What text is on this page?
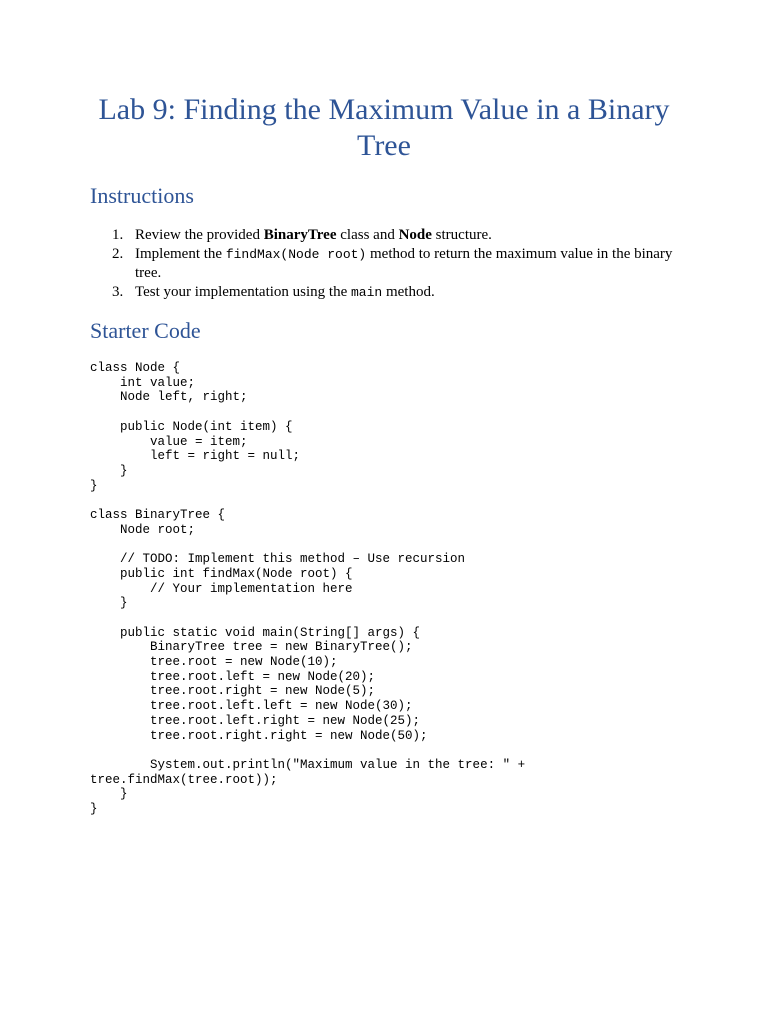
Lab 9: Finding the Maximum Value in a Binary Tree
Instructions
1. Review the provided BinaryTree class and Node structure.
2. Implement the findMax(Node root) method to return the maximum value in the binary tree.
3. Test your implementation using the main method.
Starter Code
class Node {
int value;
Node left, right;

public Node(int item) {
value = item;
left = right = null;
}
}

class BinaryTree {
Node root;

// TODO: Implement this method – Use recursion
public int findMax(Node root) {
// Your implementation here
}

public static void main(String[] args) {
BinaryTree tree = new BinaryTree();
tree.root = new Node(10);
tree.root.left = new Node(20);
tree.root.right = new Node(5);
tree.root.left.left = new Node(30);
tree.root.left.right = new Node(25);
tree.root.right.right = new Node(50);

System.out.println("Maximum value in the tree: " +
tree.findMax(tree.root));
}
}
